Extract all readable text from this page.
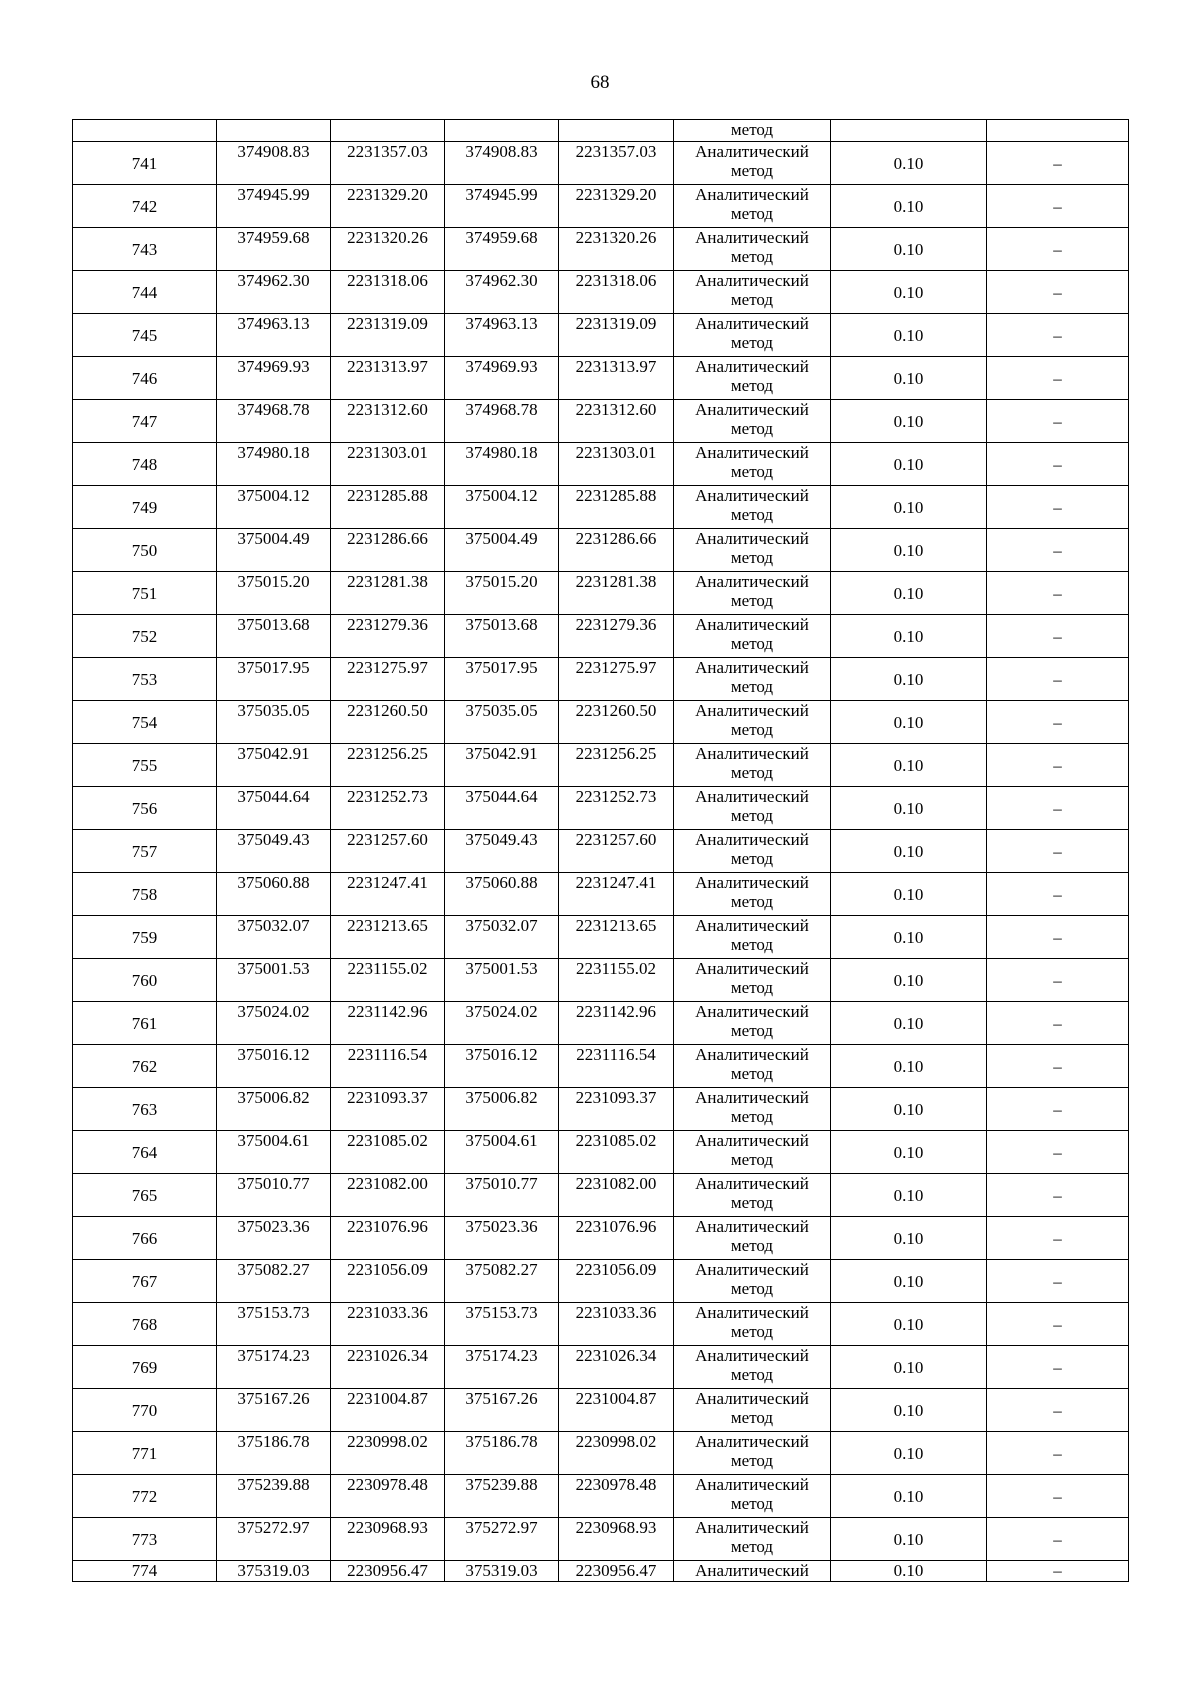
68
					метод		
741	374908.83	2231357.03	374908.83	2231357.03	Аналитический
метод	0.10	–
742	374945.99	2231329.20	374945.99	2231329.20	Аналитический
метод	0.10	–
743	374959.68	2231320.26	374959.68	2231320.26	Аналитический
метод	0.10	–
744	374962.30	2231318.06	374962.30	2231318.06	Аналитический
метод	0.10	–
745	374963.13	2231319.09	374963.13	2231319.09	Аналитический
метод	0.10	–
746	374969.93	2231313.97	374969.93	2231313.97	Аналитический
метод	0.10	–
747	374968.78	2231312.60	374968.78	2231312.60	Аналитический
метод	0.10	–
748	374980.18	2231303.01	374980.18	2231303.01	Аналитический
метод	0.10	–
749	375004.12	2231285.88	375004.12	2231285.88	Аналитический
метод	0.10	–
750	375004.49	2231286.66	375004.49	2231286.66	Аналитический
метод	0.10	–
751	375015.20	2231281.38	375015.20	2231281.38	Аналитический
метод	0.10	–
752	375013.68	2231279.36	375013.68	2231279.36	Аналитический
метод	0.10	–
753	375017.95	2231275.97	375017.95	2231275.97	Аналитический
метод	0.10	–
754	375035.05	2231260.50	375035.05	2231260.50	Аналитический
метод	0.10	–
755	375042.91	2231256.25	375042.91	2231256.25	Аналитический
метод	0.10	–
756	375044.64	2231252.73	375044.64	2231252.73	Аналитический
метод	0.10	–
757	375049.43	2231257.60	375049.43	2231257.60	Аналитический
метод	0.10	–
758	375060.88	2231247.41	375060.88	2231247.41	Аналитический
метод	0.10	–
759	375032.07	2231213.65	375032.07	2231213.65	Аналитический
метод	0.10	–
760	375001.53	2231155.02	375001.53	2231155.02	Аналитический
метод	0.10	–
761	375024.02	2231142.96	375024.02	2231142.96	Аналитический
метод	0.10	–
762	375016.12	2231116.54	375016.12	2231116.54	Аналитический
метод	0.10	–
763	375006.82	2231093.37	375006.82	2231093.37	Аналитический
метод	0.10	–
764	375004.61	2231085.02	375004.61	2231085.02	Аналитический
метод	0.10	–
765	375010.77	2231082.00	375010.77	2231082.00	Аналитический
метод	0.10	–
766	375023.36	2231076.96	375023.36	2231076.96	Аналитический
метод	0.10	–
767	375082.27	2231056.09	375082.27	2231056.09	Аналитический
метод	0.10	–
768	375153.73	2231033.36	375153.73	2231033.36	Аналитический
метод	0.10	–
769	375174.23	2231026.34	375174.23	2231026.34	Аналитический
метод	0.10	–
770	375167.26	2231004.87	375167.26	2231004.87	Аналитический
метод	0.10	–
771	375186.78	2230998.02	375186.78	2230998.02	Аналитический
метод	0.10	–
772	375239.88	2230978.48	375239.88	2230978.48	Аналитический
метод	0.10	–
773	375272.97	2230968.93	375272.97	2230968.93	Аналитический
метод	0.10	–
774	375319.03	2230956.47	375319.03	2230956.47	Аналитический	0.10	–
